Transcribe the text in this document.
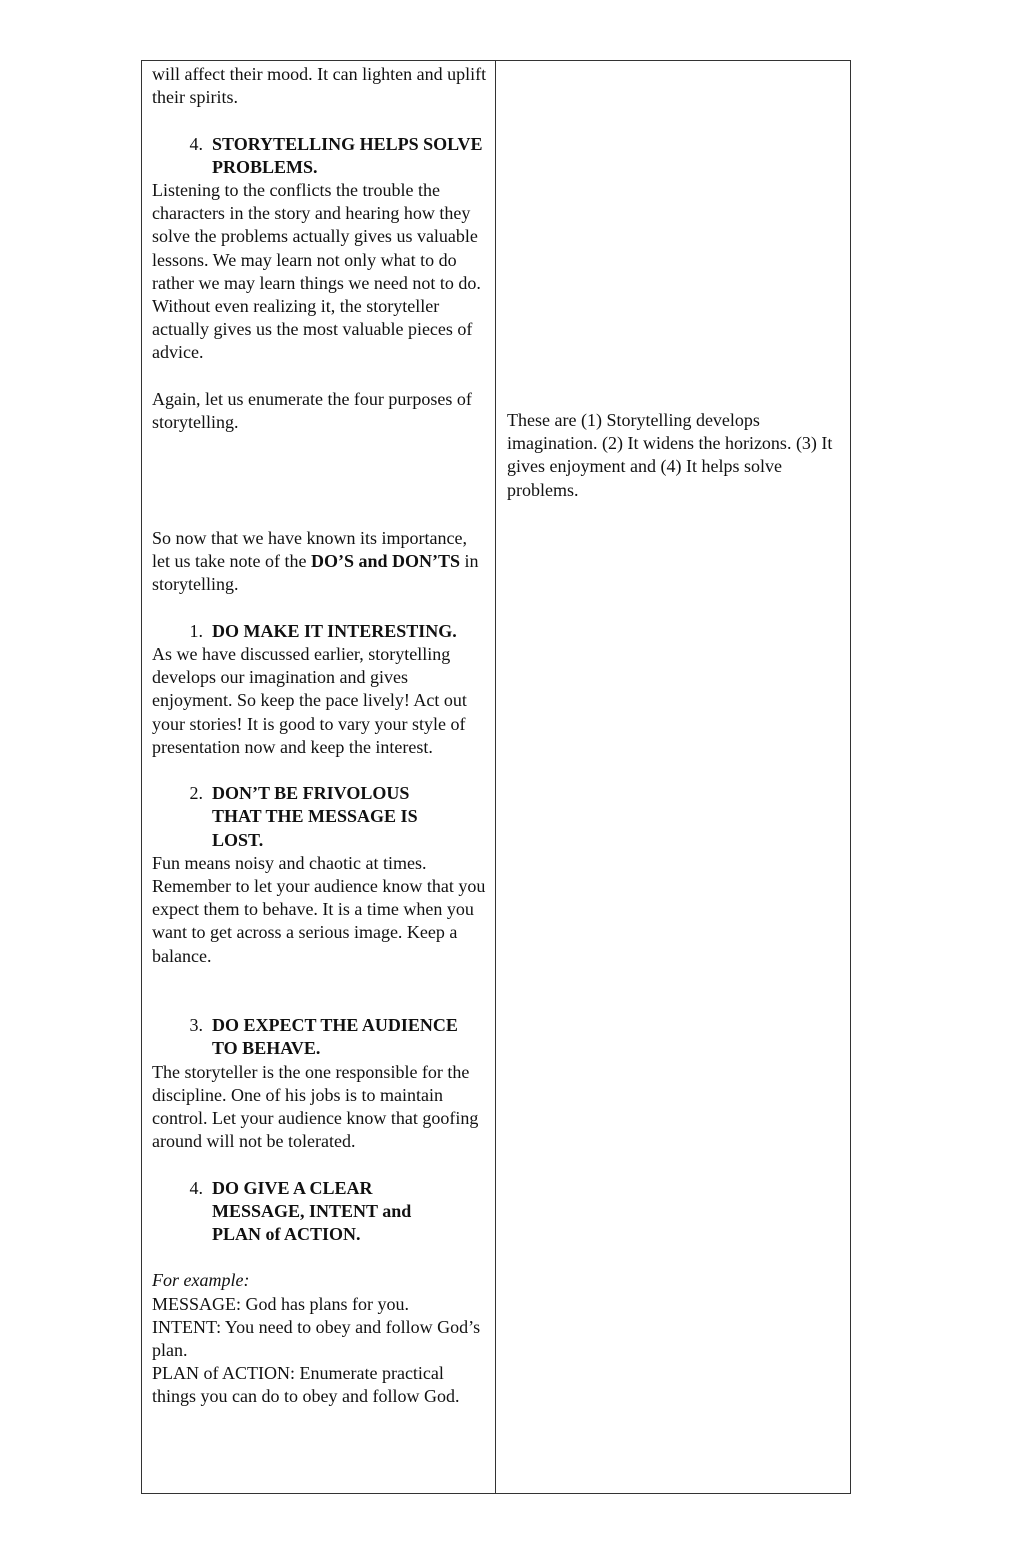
will affect their mood. It can lighten and uplift their spirits.

4. STORYTELLING HELPS SOLVE PROBLEMS.

Listening to the conflicts the trouble the characters in the story and hearing how they solve the problems actually gives us valuable lessons. We may learn not only what to do rather we may learn things we need not to do. Without even realizing it, the storyteller actually gives us the most valuable pieces of advice.

Again, let us enumerate the four purposes of storytelling.

So now that we have known its importance, let us take note of the DO’S and DON’TS in storytelling.

1. DO MAKE IT INTERESTING.

As we have discussed earlier, storytelling develops our imagination and gives enjoyment. So keep the pace lively! Act out your stories! It is good to vary your style of presentation now and keep the interest.

2. DON’T BE FRIVOLOUS THAT THE MESSAGE IS LOST.

Fun means noisy and chaotic at times. Remember to let your audience know that you expect them to behave. It is a time when you want to get across a serious image. Keep a balance.

3. DO EXPECT THE AUDIENCE TO BEHAVE.

The storyteller is the one responsible for the discipline. One of his jobs is to maintain control. Let your audience know that goofing around will not be tolerated.

4. DO GIVE A CLEAR MESSAGE, INTENT and PLAN of ACTION.

For example:

MESSAGE: God has plans for you.

INTENT: You need to obey and follow God’s plan.

PLAN of ACTION: Enumerate practical things you can do to obey and follow God.

These are (1) Storytelling develops imagination. (2) It widens the horizons. (3) It gives enjoyment and (4) It helps solve problems.
